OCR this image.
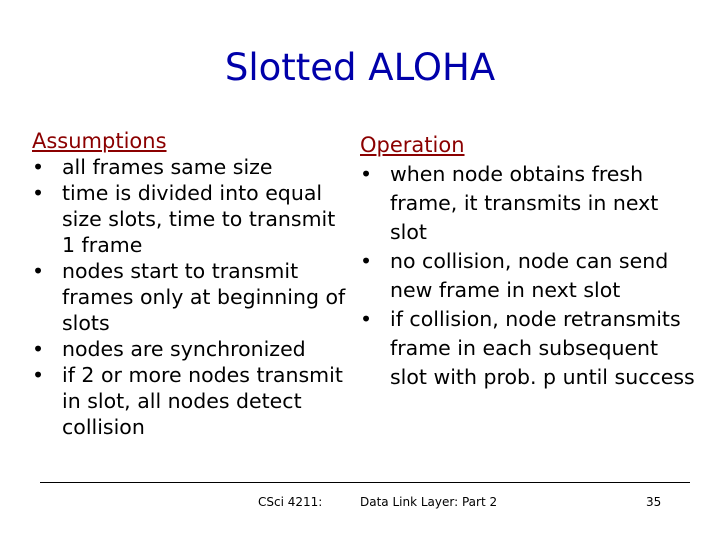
Slotted ALOHA
Assumptions
• all frames same size
• time is divided into equal size slots, time to transmit 1 frame
• nodes start to transmit frames only at beginning of slots
• nodes are synchronized
• if 2 or more nodes transmit in slot, all nodes detect collision
Operation
• when node obtains fresh frame, it transmits in next slot
• no collision, node can send new frame in next slot
• if collision, node retransmits frame in each subsequent slot with prob. p until success
CSci 4211:	Data Link Layer: Part 2	35
